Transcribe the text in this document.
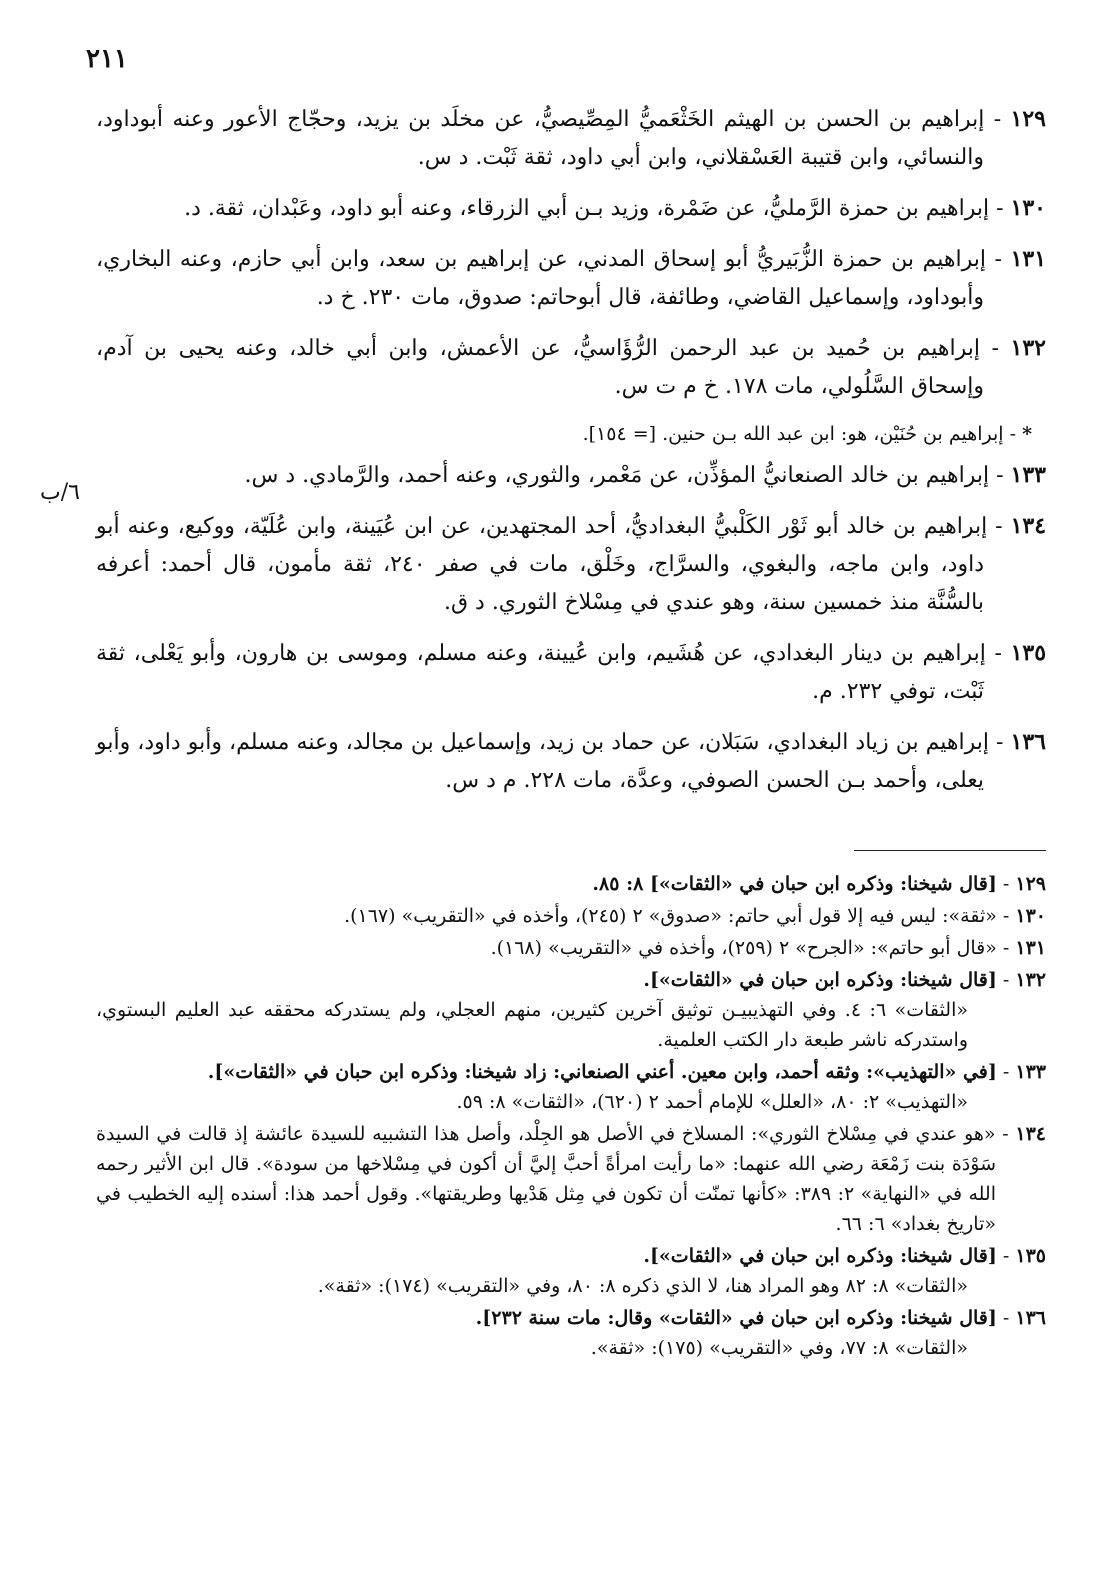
٢١١
٦/ب

١٢٩ - إبراهيم بن الحسن بن الهيثم الخَثْعَميُّ المِصِّيصيُّ، عن مخلَد بن يزيد، وحجّاج الأعور وعنه أبوداود، والنسائي، وابن قتيبة العَسْقلاني، وابن أبي داود، ثقة ثَبْت. د س.

١٣٠ - إبراهيم بن حمزة الرَّمليُّ، عن ضَمْرة، وزيد بـن أبي الزرقاء، وعنه أبو داود، وعَبْدان، ثقة. د.

١٣١ - إبراهيم بن حمزة الزُّبَيريُّ أبو إسحاق المدني، عن إبراهيم بن سعد، وابن أبي حازم، وعنه البخاري، وأبوداود، وإسماعيل القاضي، وطائفة، قال أبوحاتم: صدوق، مات ٢٣٠. خ د.

١٣٢ - إبراهيم بن حُميد بن عبد الرحمن الرُّؤَاسيُّ، عن الأعمش، وابن أبي خالد، وعنه يحيى بن آدم، وإسحاق السَّلُولي، مات ١٧٨. خ م ت س.

* - إبراهيم بن حُنَيْن، هو: ابن عبد الله بـن حنين. [= ١٥٤].

١٣٣ - إبراهيم بن خالد الصنعانيُّ المؤذِّن، عن مَعْمر، والثوري، وعنه أحمد، والرَّمادي. د س.

١٣٤ - إبراهيم بن خالد أبو ثَوْر الكَلْبيُّ البغداديُّ، أحد المجتهدين، عن ابن عُيَينة، وابن عُلَيّة، ووكيع، وعنه أبو داود، وابن ماجه، والبغوي، والسرَّاج، وخَلْق، مات في صفر ٢٤٠، ثقة مأمون، قال أحمد: أعرفه بالسُّنَّة منذ خمسين سنة، وهو عندي في مِسْلاخ الثوري. د ق.

١٣٥ - إبراهيم بن دينار البغدادي، عن هُشَيم، وابن عُيينة، وعنه مسلم، وموسى بن هارون، وأبو يَعْلى، ثقة ثَبْت، توفي ٢٣٢. م.

١٣٦ - إبراهيم بن زياد البغدادي، سَبَلان، عن حماد بن زيد، وإسماعيل بن مجالد، وعنه مسلم، وأبو داود، وأبو يعلى، وأحمد بـن الحسن الصوفي، وعدَّة، مات ٢٢٨. م د س.

١٢٩ - [قال شيخنا: وذكره ابن حبان في «الثقات»] ٨: ٨٥.

١٣٠ - «ثقة»: ليس فيه إلا قول أبي حاتم: «صدوق» ٢ (٢٤٥)، وأخذه في «التقريب» (١٦٧).

١٣١ - «قال أبو حاتم»: «الجرح» ٢ (٢٥٩)، وأخذه في «التقريب» (١٦٨).

١٣٢ - [قال شيخنا: وذكره ابن حبان في «الثقات»].
«الثقات» ٦: ٤. وفي التهذيبيـن توثيق آخرين كثيرين، منهم العجلي، ولم يستدركه محققه عبد العليم البستوي، واستدركه ناشر طبعة دار الكتب العلمية.

١٣٣ - [في «التهذيب»: وثقه أحمد، وابن معين. أعني الصنعاني: زاد شيخنا: وذكره ابن حبان في «الثقات»].
«التهذيب» ٢: ٨٠، «العلل» للإمام أحمد ٢ (٦٢٠)، «الثقات» ٨: ٥٩.

١٣٤ - «هو عندي في مِسْلاخ الثوري»: المسلاخ في الأصل هو الجِلْد، وأصل هذا التشبيه للسيدة عائشة إذ قالت في السيدة سَوْدَة بنت زَمْعَة رضي الله عنهما: «ما رأيت امرأةً أحبَّ إليَّ أن أكون في مِسْلاخها من سودة». قال ابن الأثير رحمه الله في «النهاية» ٢: ٣٨٩: «كأنها تمنّت أن تكون في مِثل هَدْيها وطريقتها». وقول أحمد هذا: أسنده إليه الخطيب في «تاريخ بغداد» ٦: ٦٦.

١٣٥ - [قال شيخنا: وذكره ابن حبان في «الثقات»].
«الثقات» ٨: ٨٢ وهو المراد هنا، لا الذي ذكره ٨: ٨٠، وفي «التقريب» (١٧٤): «ثقة».

١٣٦ - [قال شيخنا: وذكره ابن حبان في «الثقات» وقال: مات سنة ٢٣٢].
«الثقات» ٨: ٧٧، وفي «التقريب» (١٧٥): «ثقة».
